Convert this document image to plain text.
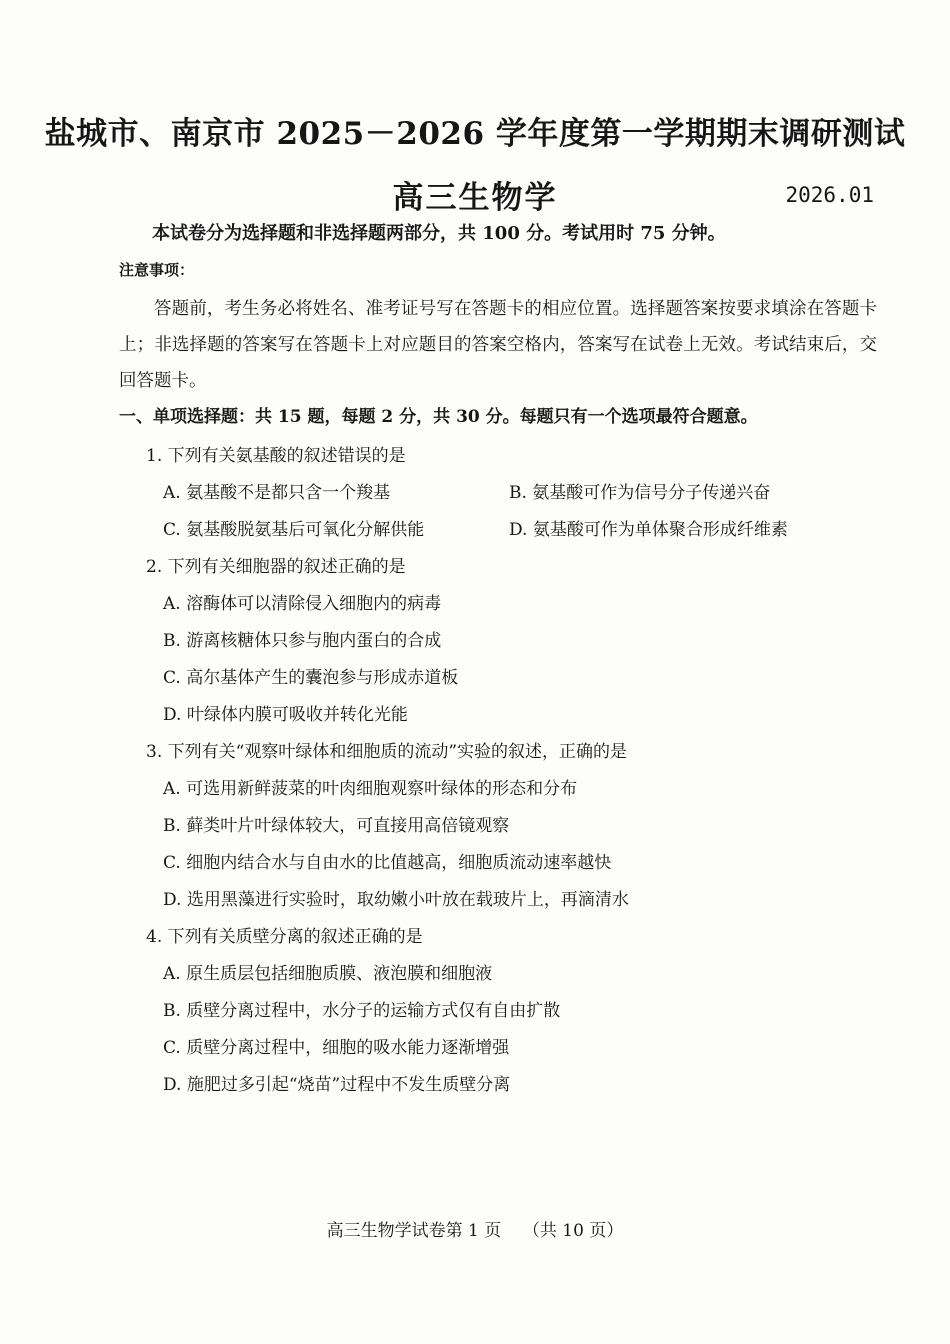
盐城市、南京市 2025－2026 学年度第一学期期末调研测试
高三生物学	2026.01
本试卷分为选择题和非选择题两部分，共 100 分。考试用时 75 分钟。
注意事项：
答题前，考生务必将姓名、准考证号写在答题卡的相应位置。选择题答案按要求填涂在答题卡上；非选择题的答案写在答题卡上对应题目的答案空格内，答案写在试卷上无效。考试结束后，交回答题卡。
一、单项选择题：共 15 题，每题 2 分，共 30 分。每题只有一个选项最符合题意。
1. 下列有关氨基酸的叙述错误的是
A. 氨基酸不是都只含一个羧基	B. 氨基酸可作为信号分子传递兴奋
C. 氨基酸脱氨基后可氧化分解供能	D. 氨基酸可作为单体聚合形成纤维素
2. 下列有关细胞器的叙述正确的是
A. 溶酶体可以清除侵入细胞内的病毒
B. 游离核糖体只参与胞内蛋白的合成
C. 高尔基体产生的囊泡参与形成赤道板
D. 叶绿体内膜可吸收并转化光能
3. 下列有关“观察叶绿体和细胞质的流动”实验的叙述，正确的是
A. 可选用新鲜菠菜的叶肉细胞观察叶绿体的形态和分布
B. 藓类叶片叶绿体较大，可直接用高倍镜观察
C. 细胞内结合水与自由水的比值越高，细胞质流动速率越快
D. 选用黑藻进行实验时，取幼嫩小叶放在载玻片上，再滴清水
4. 下列有关质壁分离的叙述正确的是
A. 原生质层包括细胞质膜、液泡膜和细胞液
B. 质壁分离过程中，水分子的运输方式仅有自由扩散
C. 质壁分离过程中，细胞的吸水能力逐渐增强
D. 施肥过多引起“烧苗”过程中不发生质壁分离
高三生物学试卷第 1 页    （共 10 页）
